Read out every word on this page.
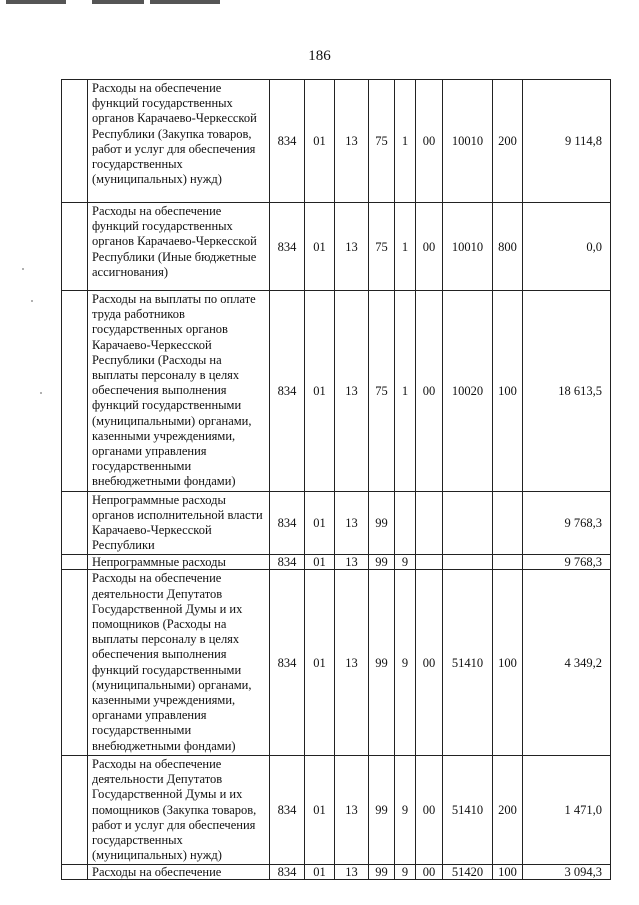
186
	Расходы на обеспечение функций государственных органов Карачаево-Черкесской Республики (Закупка товаров, работ и услуг для обеспечения государственных (муниципальных) нужд)	834	01	13	75	1	00	10010	200	9 114,8
	Расходы на обеспечение функций государственных органов Карачаево-Черкесской Республики (Иные бюджетные ассигнования)	834	01	13	75	1	00	10010	800	0,0
	Расходы на выплаты по оплате труда работников государственных органов Карачаево-Черкесской Республики (Расходы на выплаты персоналу в целях обеспечения выполнения функций государственными (муниципальными) органами, казенными учреждениями, органами управления государственными внебюджетными фондами)	834	01	13	75	1	00	10020	100	18 613,5
	Непрограммные расходы органов исполнительной власти Карачаево-Черкесской Республики	834	01	13	99					9 768,3
	Непрограммные расходы	834	01	13	99	9				9 768,3
	Расходы на обеспечение деятельности Депутатов Государственной Думы и их помощников (Расходы на выплаты персоналу в целях обеспечения выполнения функций государственными (муниципальными) органами, казенными учреждениями, органами управления государственными внебюджетными фондами)	834	01	13	99	9	00	51410	100	4 349,2
	Расходы на обеспечение деятельности Депутатов Государственной Думы и их помощников (Закупка товаров, работ и услуг для обеспечения государственных (муниципальных) нужд)	834	01	13	99	9	00	51410	200	1 471,0
	Расходы на обеспечение	834	01	13	99	9	00	51420	100	3 094,3
